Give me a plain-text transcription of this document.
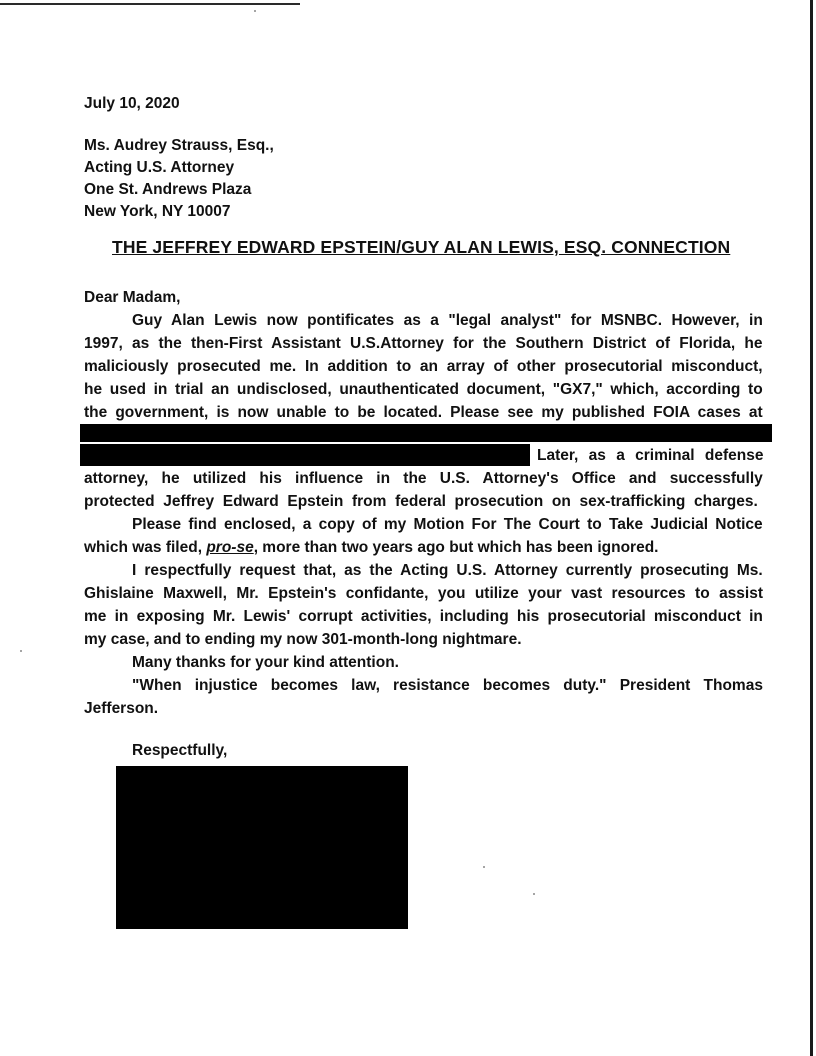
July 10, 2020
Ms. Audrey Strauss, Esq.,
Acting U.S. Attorney
One St. Andrews Plaza
New York, NY 10007
THE JEFFREY EDWARD EPSTEIN/GUY ALAN LEWIS, ESQ. CONNECTION
Dear Madam,
Guy Alan Lewis now pontificates as a "legal analyst" for MSNBC. However, in
1997, as the then-First Assistant U.S.Attorney for the Southern District of Florida, he
maliciously prosecuted me. In addition to an array of other prosecutorial misconduct,
he used in trial an undisclosed, unauthenticated document, "GX7," which, according to
the government, is now unable to be located. Please see my published FOIA cases at
Later, as a criminal defense
attorney, he utilized his influence in the U.S. Attorney's Office and successfully
protected Jeffrey Edward Epstein from federal prosecution on sex-trafficking charges.
Please find enclosed, a copy of my Motion For The Court to Take Judicial Notice
which was filed, pro-se, more than two years ago but which has been ignored.
I respectfully request that, as the Acting U.S. Attorney currently prosecuting Ms.
Ghislaine Maxwell, Mr. Epstein's confidante, you utilize your vast resources to assist
me in exposing Mr. Lewis' corrupt activities, including his prosecutorial misconduct in
my case, and to ending my now 301-month-long nightmare.
Many thanks for your kind attention.
"When injustice becomes law, resistance becomes duty." President Thomas
Jefferson.
Respectfully,
